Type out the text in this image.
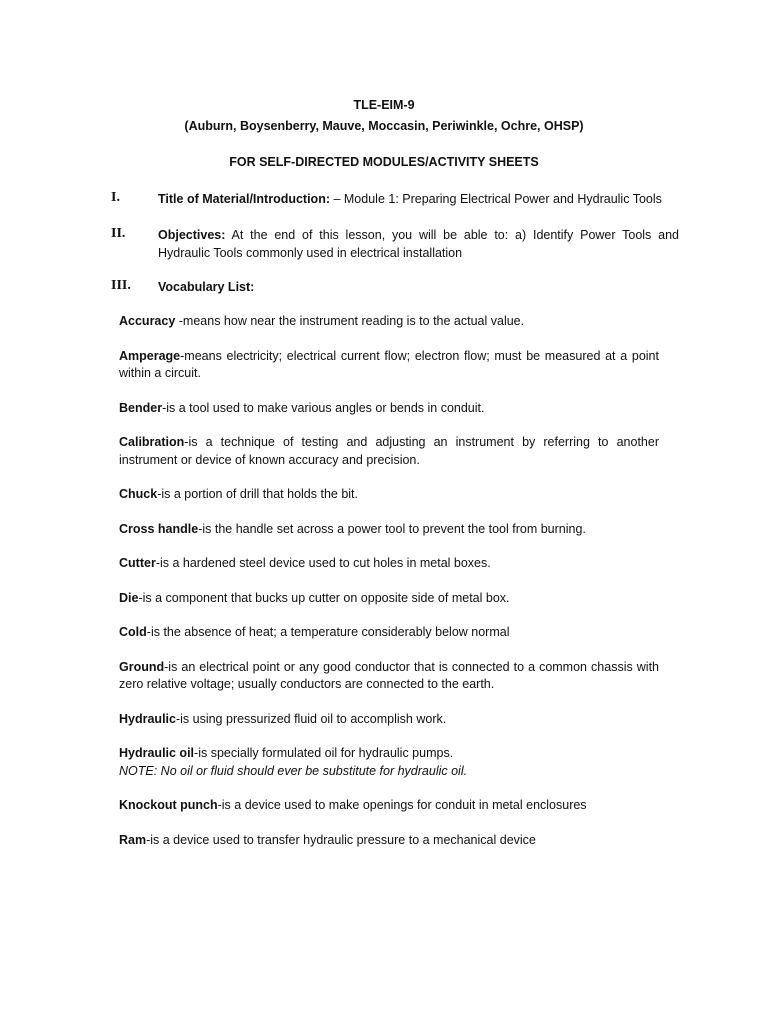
TLE-EIM-9
(Auburn, Boysenberry, Mauve, Moccasin, Periwinkle, Ochre, OHSP)
FOR SELF-DIRECTED MODULES/ACTIVITY SHEETS
I.	Title of Material/Introduction: – Module 1: Preparing Electrical Power and Hydraulic Tools
II.	Objectives: At the end of this lesson, you will be able to: a) Identify Power Tools and Hydraulic Tools commonly used in electrical installation
III. Vocabulary List:
Accuracy -means how near the instrument reading is to the actual value.
Amperage-means electricity; electrical current flow; electron flow; must be measured at a point within a circuit.
Bender-is a tool used to make various angles or bends in conduit.
Calibration-is a technique of testing and adjusting an instrument by referring to another instrument or device of known accuracy and precision.
Chuck-is a portion of drill that holds the bit.
Cross handle-is the handle set across a power tool to prevent the tool from burning.
Cutter-is a hardened steel device used to cut holes in metal boxes.
Die-is a component that bucks up cutter on opposite side of metal box.
Cold-is the absence of heat; a temperature considerably below normal
Ground-is an electrical point or any good conductor that is connected to a common chassis with zero relative voltage; usually conductors are connected to the earth.
Hydraulic-is using pressurized fluid oil to accomplish work.
Hydraulic oil-is specially formulated oil for hydraulic pumps.
NOTE: No oil or fluid should ever be substitute for hydraulic oil.
Knockout punch-is a device used to make openings for conduit in metal enclosures
Ram-is a device used to transfer hydraulic pressure to a mechanical device
